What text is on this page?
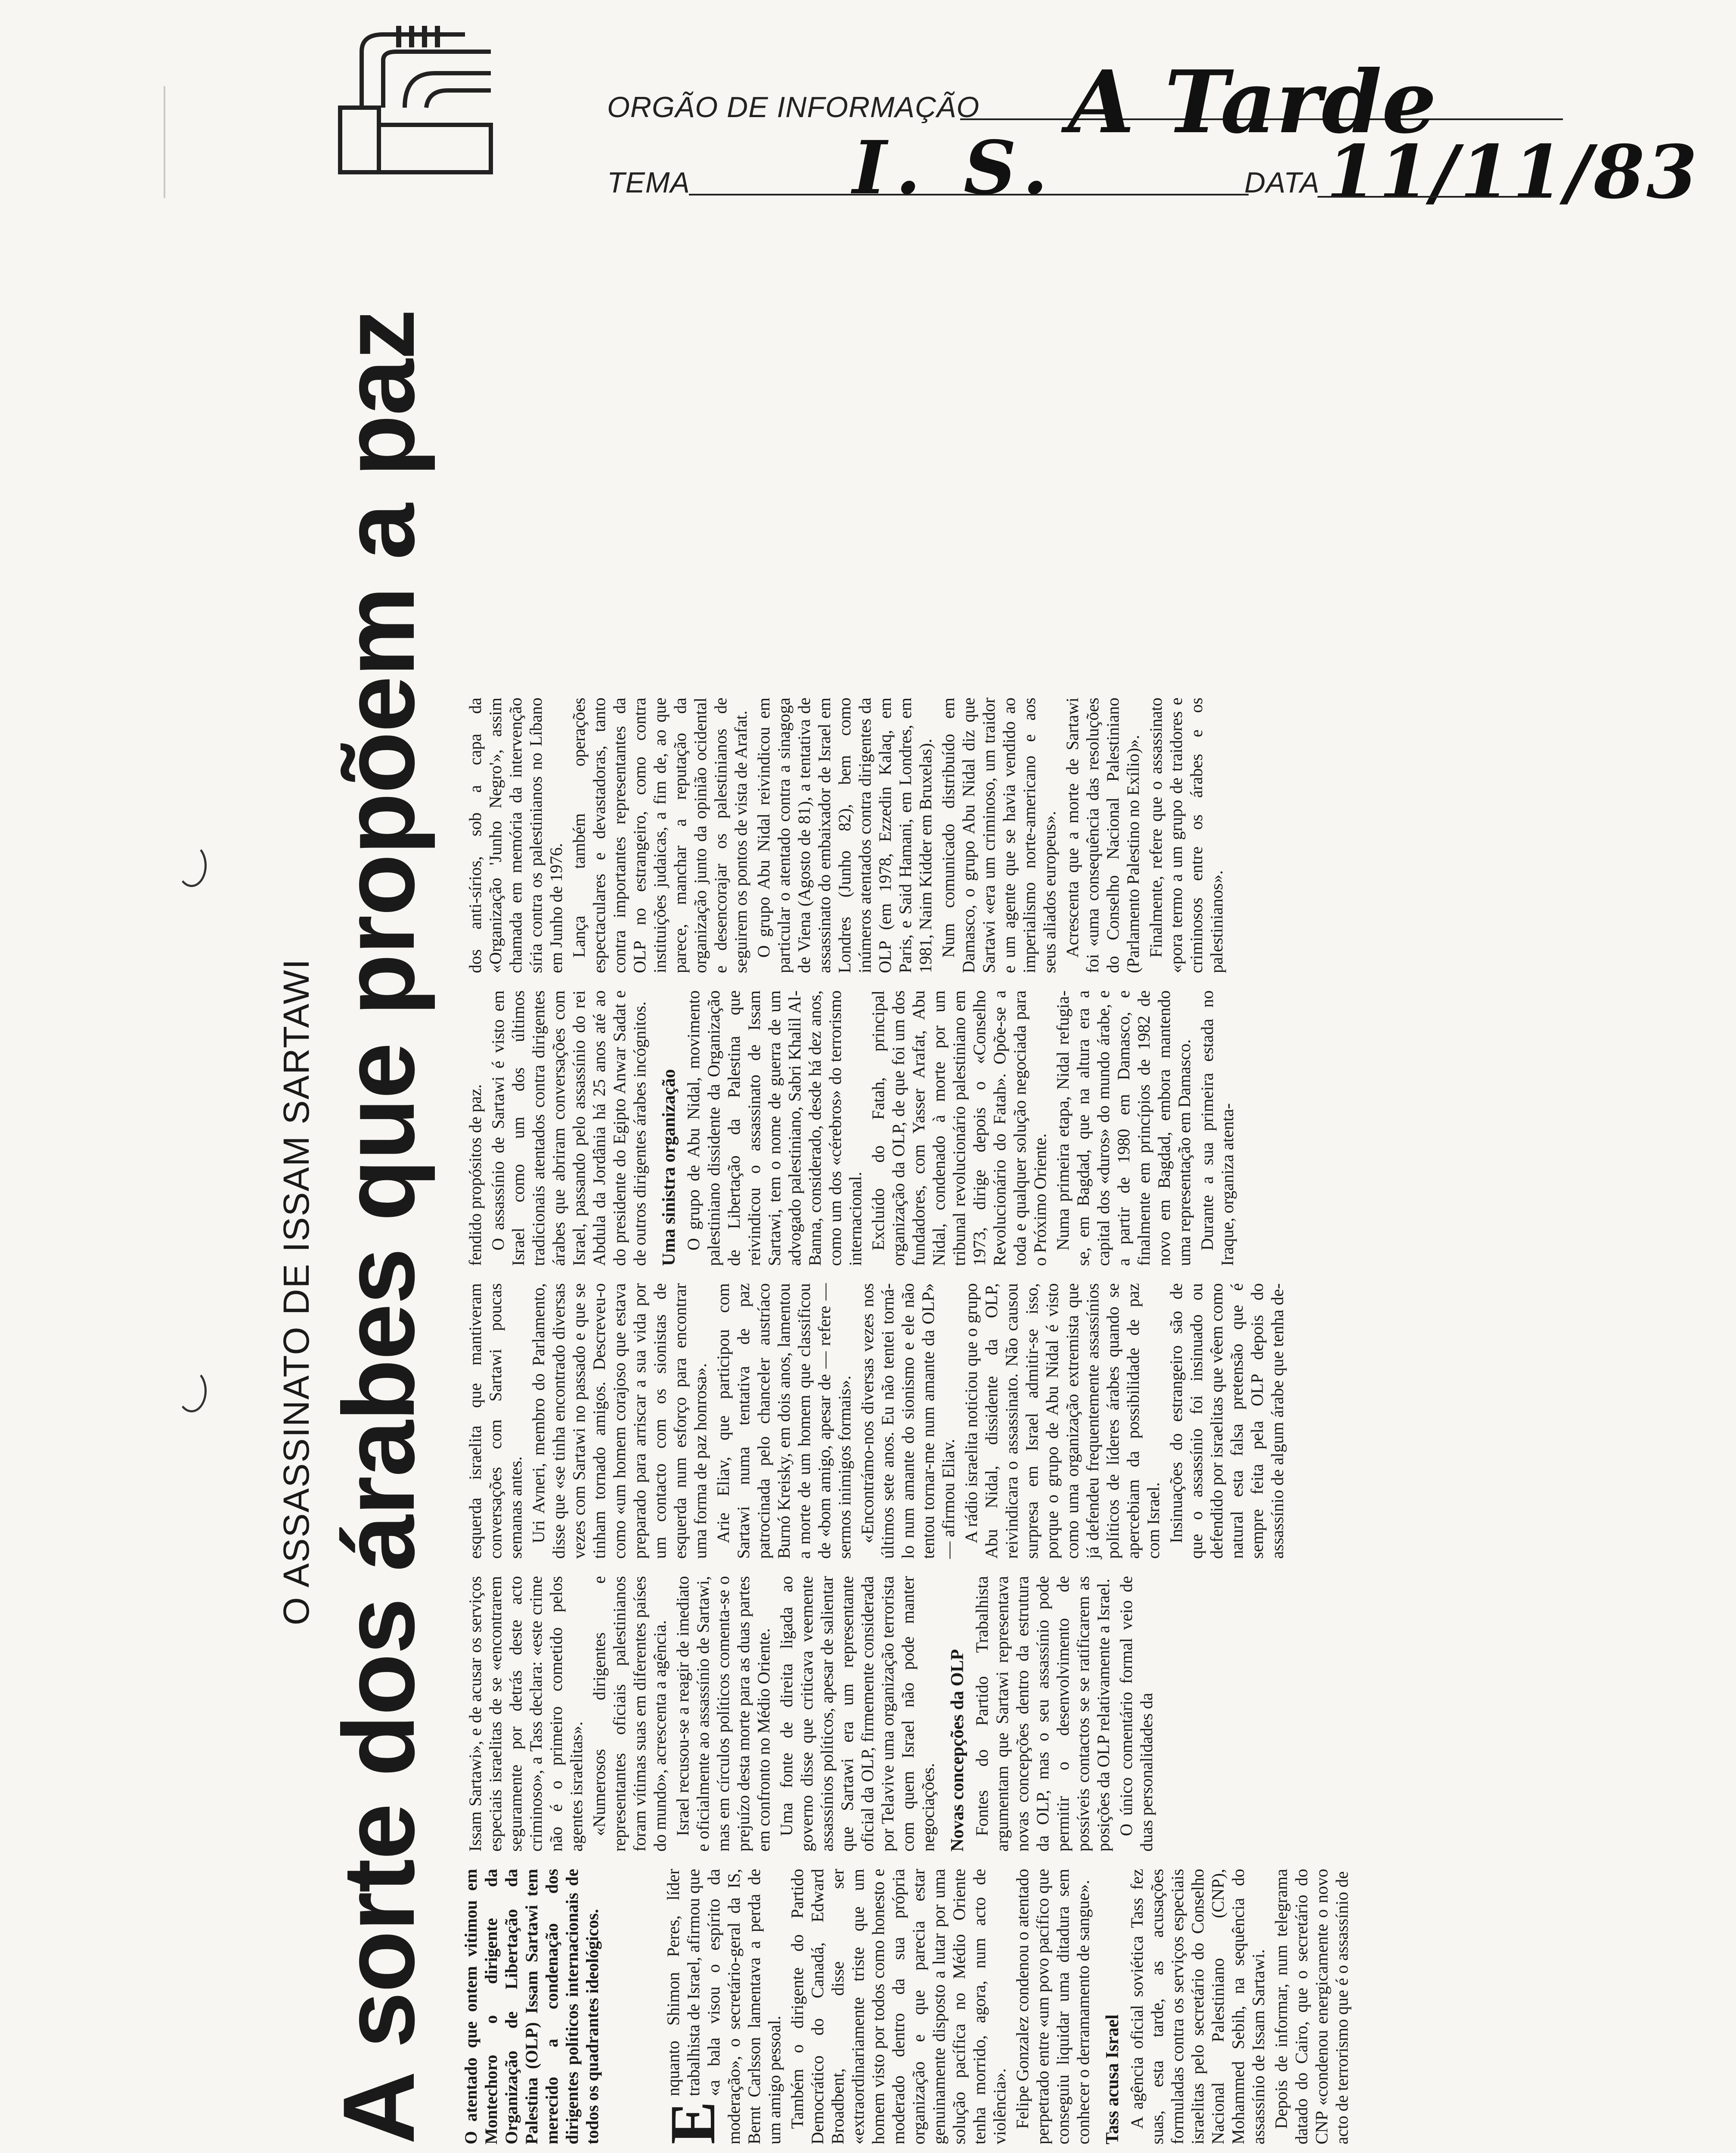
ORGÃO DE INFORMAÇÃO A Tarde
TEMA I. S.	DATA 11/11/83
O ASSASSINATO DE ISSAM SARTAWI A sorte dos árabes que propõem a paz O atentado que ontem vitimou em Montechoro o dirigente da Organização de Libertação da Palestina (OLP) Issam Sartawi tem merecido a condenação dos dirigentes políticos internacionais de todos os quadrantes ideológicos. E

nquanto Shimon Peres, líder trabalhista de Israel, afirmou que «a bala visou o espírito da moderação», o secretário-geral da IS, Bernt Carlsson lamentava a perda de um amigo pessoal. Também o dirigente do Partido Democrático do Canadá, Edward Broadbent, disse ser «extraordinariamente triste que um homem visto por todos como honesto e moderado dentro da sua própria organização e que parecia estar genuinamente disposto a lutar por uma solução pacífica no Médio Oriente tenha morrido, agora, num acto de violência». Felipe Gonzalez condenou o atentado perpetrado entre «um povo pacífico que conseguiu liquidar uma ditadura sem conhecer o derramamento de sangue». Tass acusa Israel A agência oficial soviética Tass fez suas, esta tarde, as acusações formuladas contra os serviços especiais israelitas pelo secretário do Conselho Nacional Palestiniano (CNP), Mohammed Sebih, na sequência do assassínio de Issam Sartawi. Depois de informar, num telegrama datado do Cairo, que o secretário do CNP «condenou energicamente o novo acto de terrorismo que é o assassínio de

Issam Sartawi», e de acusar os serviços especiais israelitas de se «encontrarem seguramente por detrás deste acto criminoso», a Tass declara: «este crime não é o primeiro cometido pelos agentes israelitas». «Numerosos dirigentes e representantes oficiais palestinianos foram vítimas suas em diferentes países do mundo», acrescenta a agência. Israel recusou-se a reagir de imediato e oficialmente ao assassínio de Sartawi, mas em círculos políticos comenta-se o prejuízo desta morte para as duas partes em confronto no Médio Oriente. Uma fonte de direita ligada ao governo disse que criticava veemente assassínios políticos, apesar de salientar que Sartawi era um representante oficial da OLP, firmemente considerada por Telavive uma organização terrorista com quem Israel não pode manter negociações. Novas concepções da OLP Fontes do Partido Trabalhista argumentam que Sartawi representava novas concepções dentro da estrutura da OLP, mas o seu assassínio pode permitir o desenvolvimento de possíveis contactos se se ratificarem as posições da OLP relativamente a Israel. O único comentário formal veio de duas personalidades da

esquerda israelita que mantiveram conversações com Sartawi poucas semanas antes. Uri Avneri, membro do Parlamento, disse que «se tinha encontrado diversas vezes com Sartawi no passado e que se tinham tornado amigos. Descreveu-o como «um homem corajoso que estava preparado para arriscar a sua vida por um contacto com os sionistas de esquerda num esforço para encontrar uma forma de paz honrosa». Arie Eliav, que participou com Sartawi numa tentativa de paz patrocinada pelo chanceler austríaco Burnó Kreisky, em dois anos, lamentou a morte de um homem que classificou de «bom amigo, apesar de — refere — sermos inimigos formais». «Encontrámo-nos diversas vezes nos últimos sete anos. Eu não tentei torná-lo num amante do sionismo e ele não tentou tornar-me num amante da OLP» — afirmou Eliav. A rádio israelita noticiou que o grupo Abu Nidal, dissidente da OLP, reivindicara o assassinato. Não causou surpresa em Israel admitir-se isso, porque o grupo de Abu Nidal é visto como uma organização extremista que já defendeu frequentemente assassínios políticos de líderes árabes quando se apercebiam da possibilidade de paz com Israel. Insinuações do estrangeiro são de que o assassínio foi insinuado ou defendido por israelitas que vêem como natural esta falsa pretensão que é sempre feita pela OLP depois do assassínio de algum árabe que tenha de-

fendido propósitos de paz. O assassínio de Sartawi é visto em Israel como um dos últimos tradicionais atentados contra dirigentes árabes que abriram conversações com Israel, passando pelo assassínio do rei Abdula da Jordânia há 25 anos até ao do presidente do Egipto Anwar Sadat e de outros dirigentes árabes incógnitos. Uma sinistra organização O grupo de Abu Nidal, movimento palestiniano dissidente da Organização de Libertação da Palestina que reivindicou o assassinato de Issam Sartawi, tem o nome de guerra de um advogado palestiniano, Sabri Khalil Al-Banna, considerado, desde há dez anos, como um dos «cérebros» do terrorismo internacional. Excluído do Fatah, principal organização da OLP, de que foi um dos fundadores, com Yasser Arafat, Abu Nidal, condenado à morte por um tribunal revolucionário palestiniano em 1973, dirige depois o «Conselho Revolucionário do Fatah». Opõe-se a toda e qualquer solução negociada para o Próximo Oriente. Numa primeira etapa, Nidal refugia-se, em Bagdad, que na altura era a capital dos «duros» do mundo árabe, e a partir de 1980 em Damasco, e finalmente em princípios de 1982 de novo em Bagdad, embora mantendo uma representação em Damasco. Durante a sua primeira estada no Iraque, organiza atenta-

dos anti-sírios, sob a capa da «Organização 'Junho Negro'», assim chamada em memória da intervenção síria contra os palestinianos no Líbano em Junho de 1976. Lança também operações espectaculares e devastadoras, tanto contra importantes representantes da OLP no estrangeiro, como contra instituições judaicas, a fim de, ao que parece, manchar a reputação da organização junto da opinião ocidental e desencorajar os palestinianos de seguirem os pontos de vista de Arafat. O grupo Abu Nidal reivindicou em particular o atentado contra a sinagoga de Viena (Agosto de 81), a tentativa de assassinato do embaixador de Israel em Londres (Junho 82), bem como inúmeros atentados contra dirigentes da OLP (em 1978, Ezzedin Kalaq, em Paris, e Said Hamani, em Londres, em 1981, Naim Kidder em Bruxelas). Num comunicado distribuído em Damasco, o grupo Abu Nidal diz que Sartawi «era um criminoso, um traidor e um agente que se havia vendido ao imperialismo norte-americano e aos seus aliados europeus». Acrescenta que a morte de Sartawi foi «uma consequência das resoluções do Conselho Nacional Palestiniano (Parlamento Palestino no Exílio)». Finalmente, refere que o assassinato «pora termo a um grupo de traidores e criminosos entre os árabes e os palestinianos».
